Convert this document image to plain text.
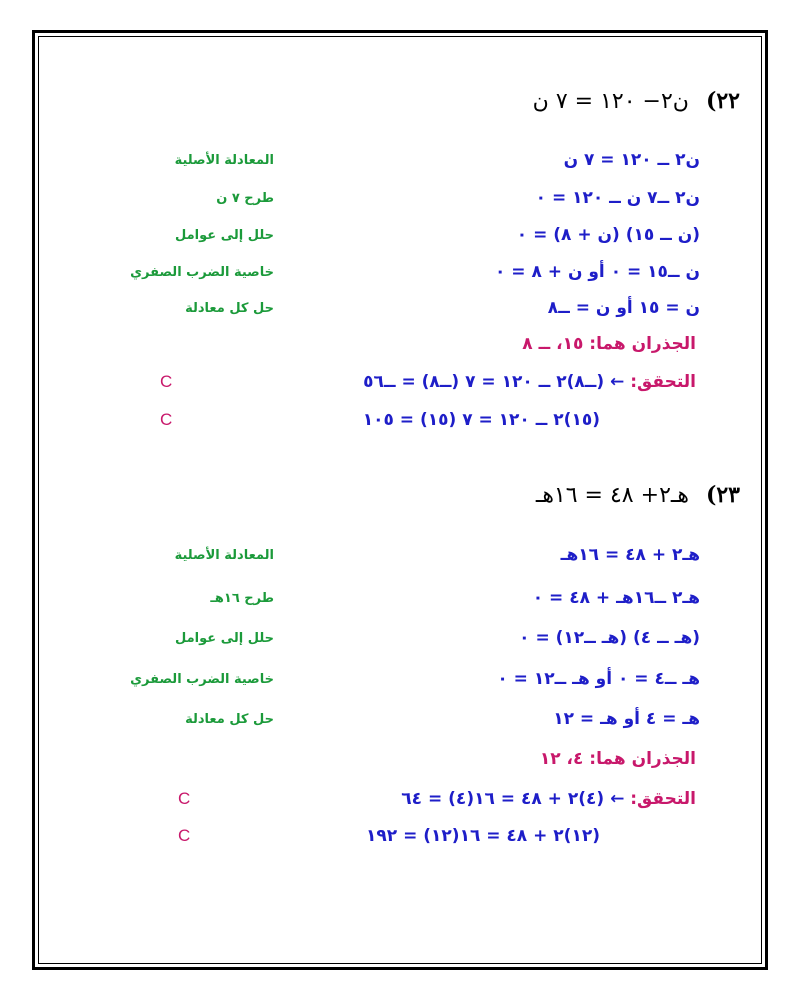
٢٢) ن٢− ١٢٠ = ٧ ن
ن٢ ــ ١٢٠ = ٧ ن
المعادلة الأصلية
ن٢ ــ٧ ن ــ ١٢٠ = ٠
طرح ٧ ن
(ن ــ ١٥) (ن + ٨) = ٠
حلل إلى عوامل
ن ــ١٥ = ٠ أو ن + ٨ = ٠
خاصية الضرب الصفري
ن = ١٥ أو ن = ــ٨
حل كل معادلة
الجذران هما: ١٥، ــ ٨
التحقق: ← (ــ٨)٢ ــ ١٢٠ = ٧ (ــ٨) = ــ٥٦
C
(١٥)٢ ــ ١٢٠ = ٧ (١٥) = ١٠٥
C
٢٣) هـ٢+ ٤٨ = ١٦هـ
هـ٢ + ٤٨ = ١٦هـ
المعادلة الأصلية
هـ٢ ــ١٦هـ + ٤٨ = ٠
طرح ١٦هـ
(هـ ــ ٤) (هـ ــ١٢) = ٠
حلل إلى عوامل
هـ ــ٤ = ٠ أو هـ ــ١٢ = ٠
خاصية الضرب الصفري
هـ = ٤ أو هـ = ١٢
حل كل معادلة
الجذران هما: ٤، ١٢
التحقق: ← (٤)٢ + ٤٨ = ١٦(٤) = ٦٤
C
(١٢)٢ + ٤٨ = ١٦(١٢) = ١٩٢
C
